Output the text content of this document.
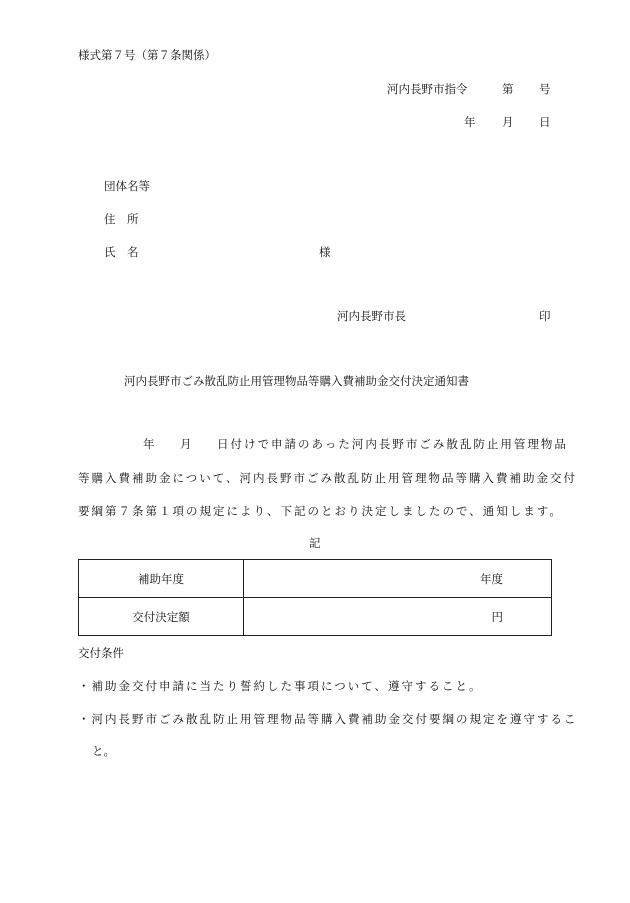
様式第７号（第７条関係）
河内長野市指令	第 号
年 月 日
団体名等
住　所
氏　名	様
河内長野市長	印
河内長野市ごみ散乱防止用管理物品等購入費補助金交付決定通知書
年 月 日付けで申請のあった河内長野市ごみ散乱防止用管理物品
等購入費補助金について、河内長野市ごみ散乱防止用管理物品等購入費補助金交付
要綱第７条第１項の規定により、下記のとおり決定しましたので、通知します。
記
補助年度	年度
交付決定額	円
交付条件
・補助金交付申請に当たり誓約した事項について、遵守すること。
・河内長野市ごみ散乱防止用管理物品等購入費補助金交付要綱の規定を遵守するこ
と。
